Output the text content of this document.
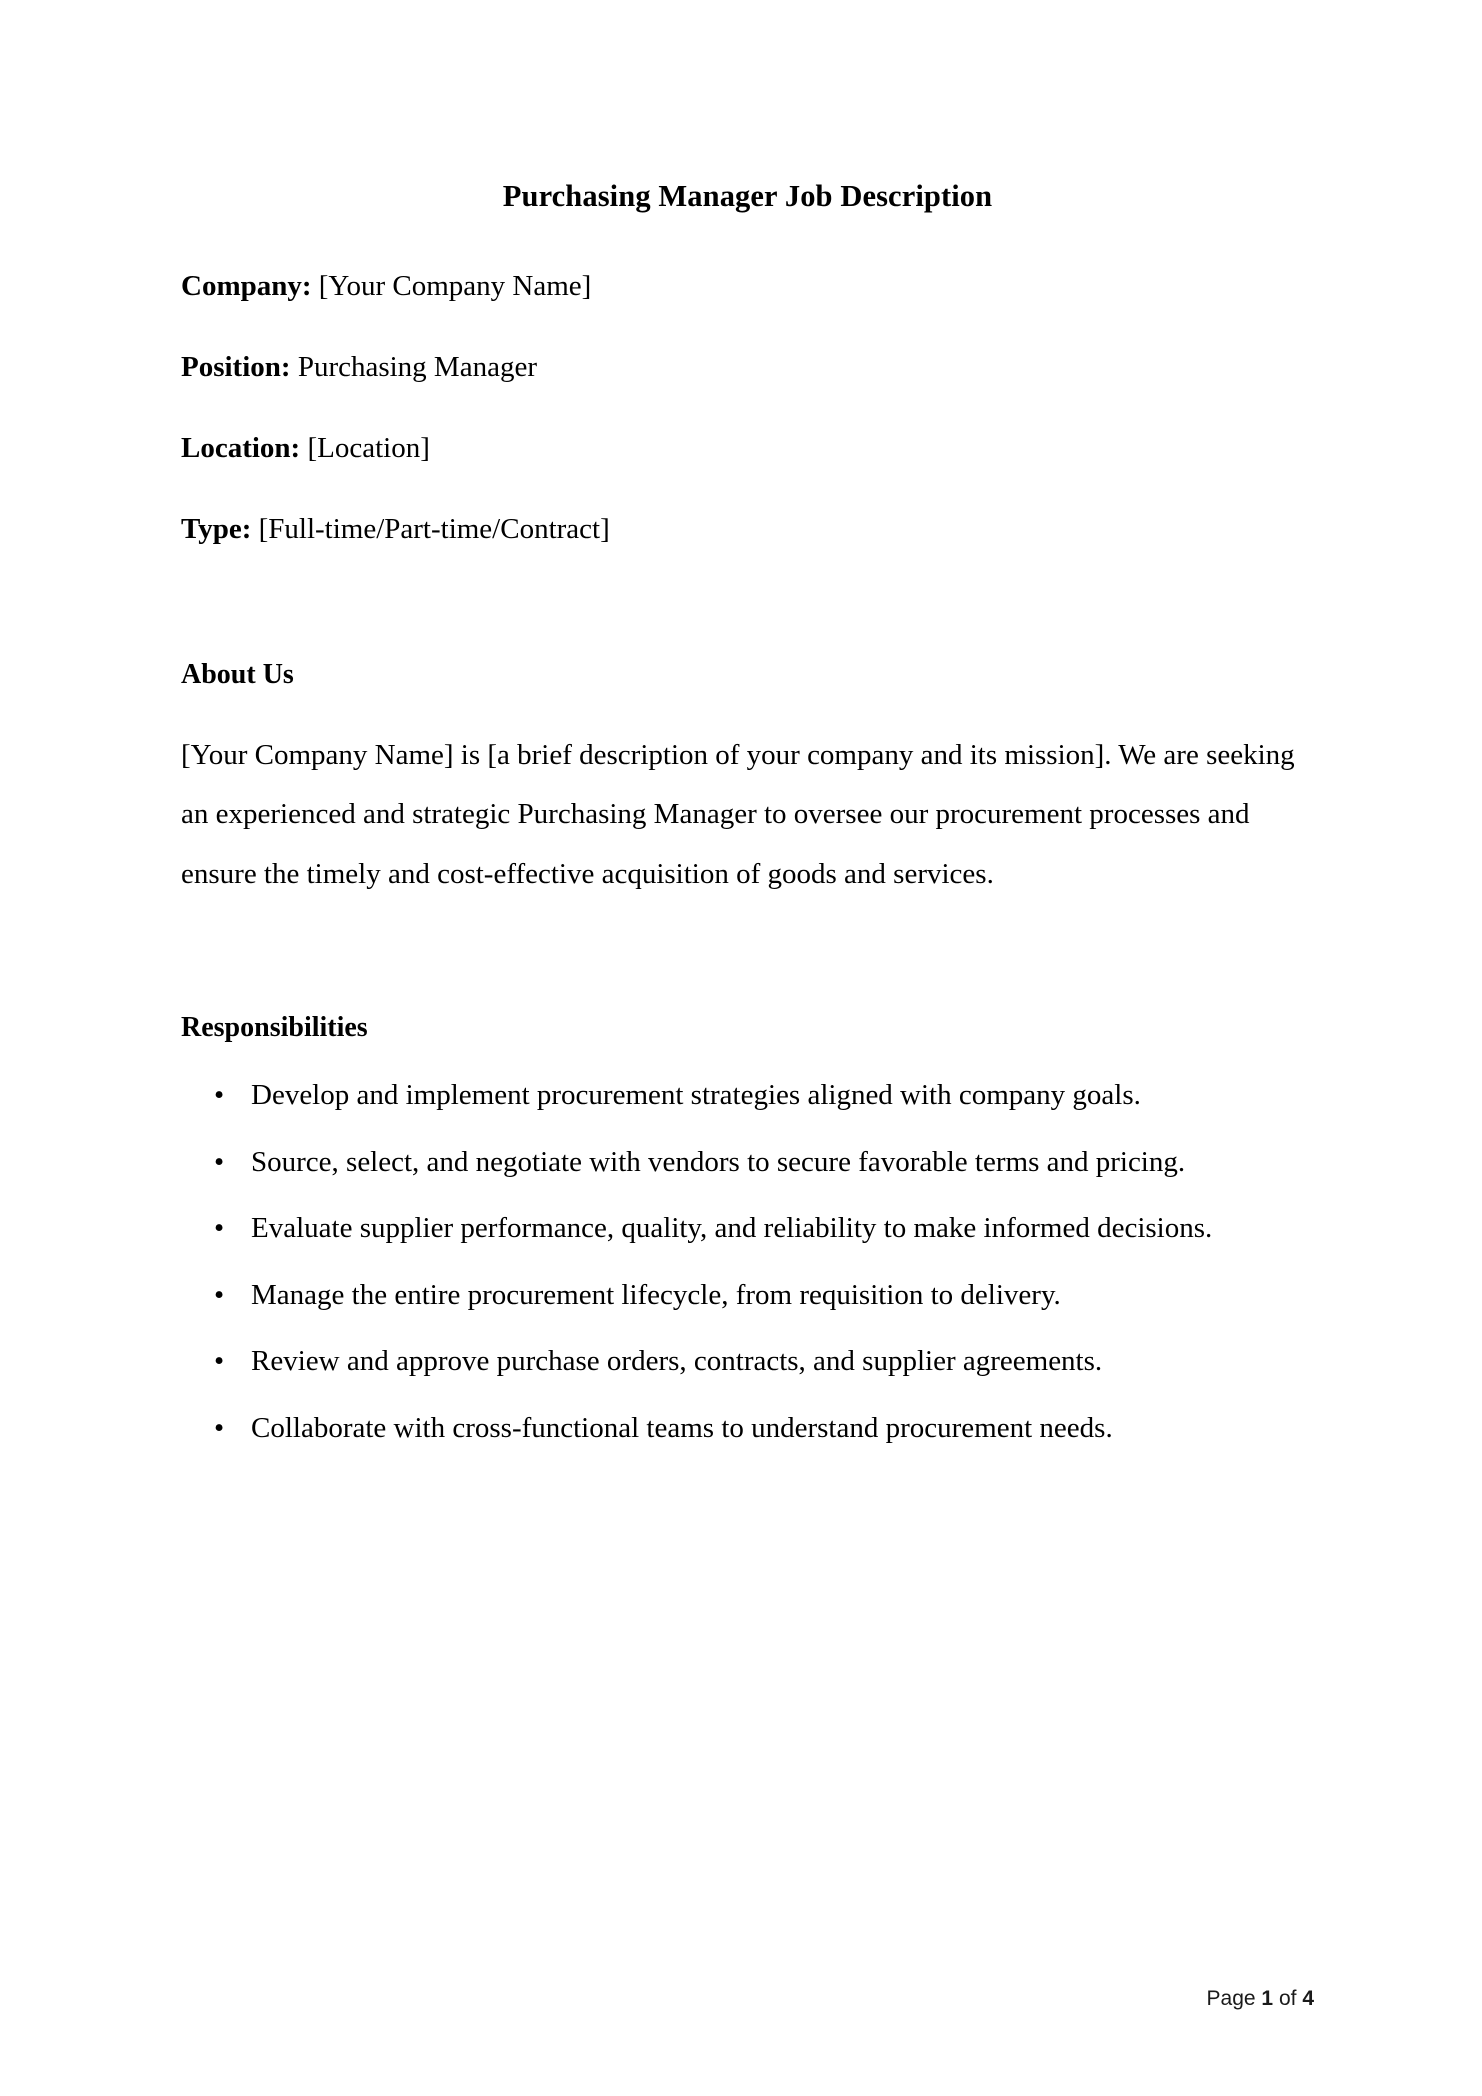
Purchasing Manager Job Description

Company: [Your Company Name]

Position: Purchasing Manager

Location: [Location]

Type: [Full-time/Part-time/Contract]

About Us

[Your Company Name] is [a brief description of your company and its mission]. We are seeking an experienced and strategic Purchasing Manager to oversee our procurement processes and ensure the timely and cost-effective acquisition of goods and services.

Responsibilities
• Develop and implement procurement strategies aligned with company goals.
• Source, select, and negotiate with vendors to secure favorable terms and pricing.
• Evaluate supplier performance, quality, and reliability to make informed decisions.
• Manage the entire procurement lifecycle, from requisition to delivery.
• Review and approve purchase orders, contracts, and supplier agreements.
• Collaborate with cross-functional teams to understand procurement needs.
Page 1 of 4
